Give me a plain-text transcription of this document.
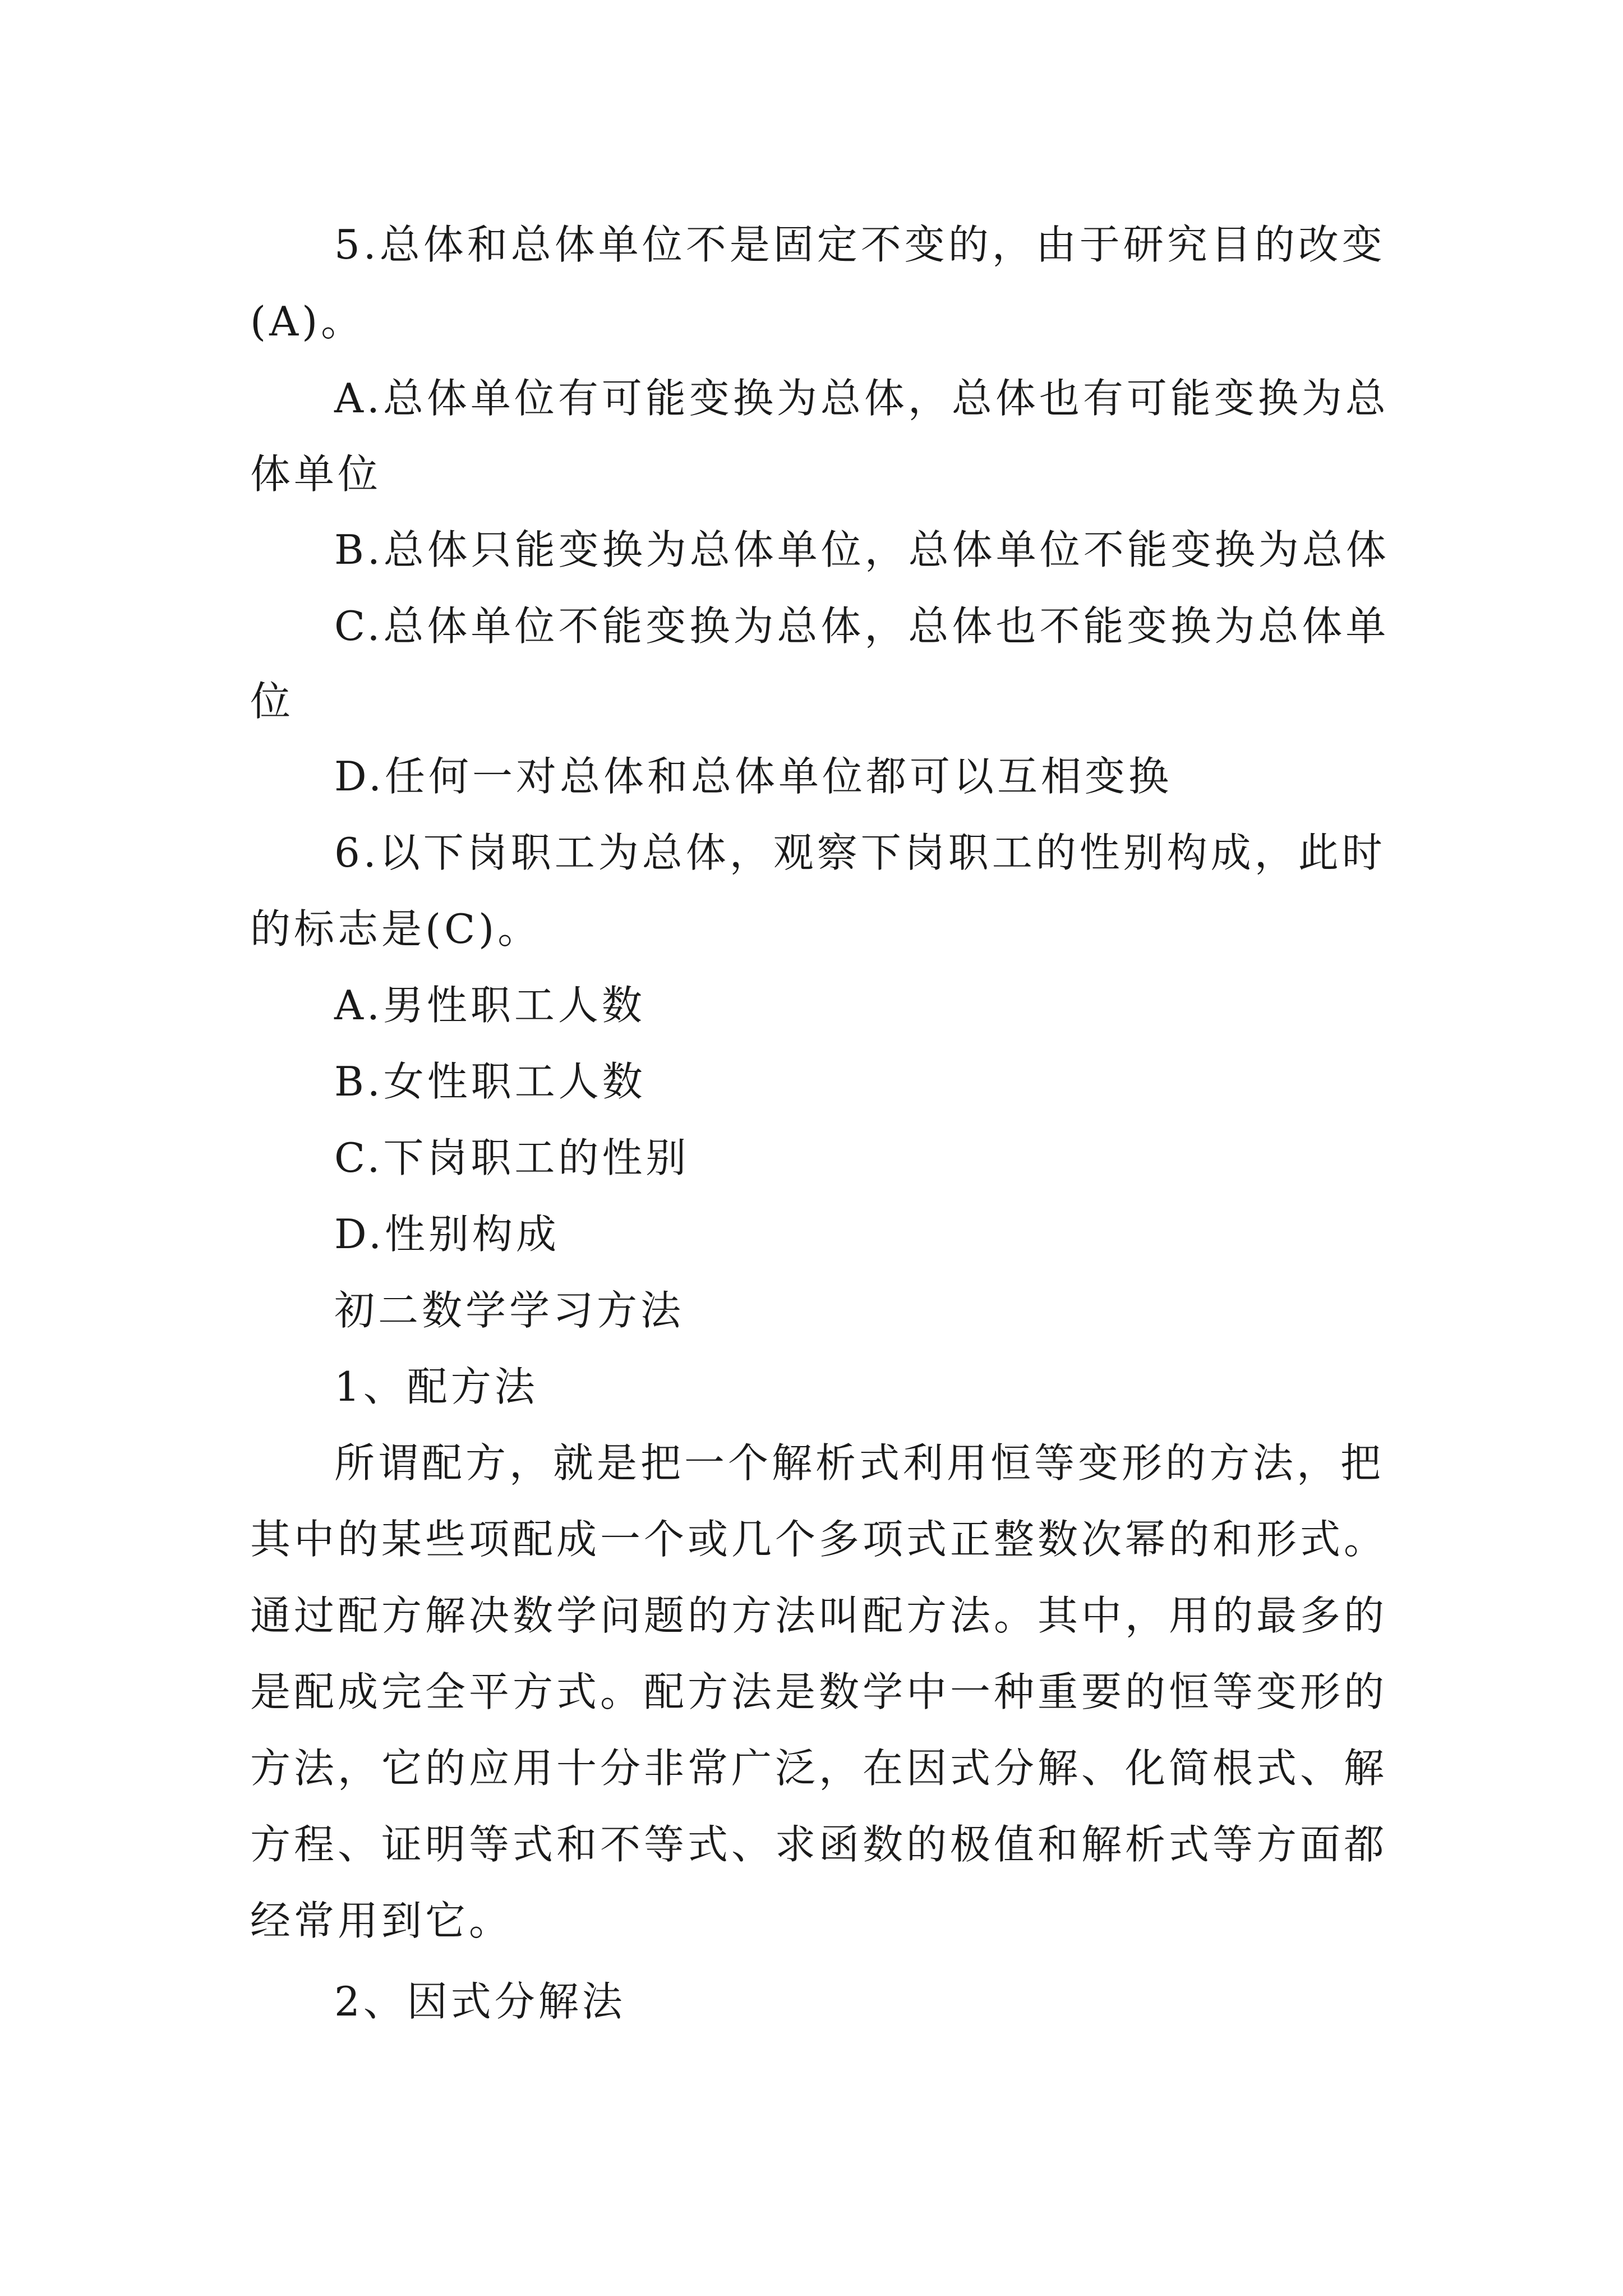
5.总体和总体单位不是固定不变的，由于研究目的改变
(A)。
A.总体单位有可能变换为总体，总体也有可能变换为总
体单位
B.总体只能变换为总体单位，总体单位不能变换为总体
C.总体单位不能变换为总体，总体也不能变换为总体单
位
D.任何一对总体和总体单位都可以互相变换
6.以下岗职工为总体，观察下岗职工的性别构成，此时
的标志是(C)。
A.男性职工人数
B.女性职工人数
C.下岗职工的性别
D.性别构成
初二数学学习方法
1、配方法
所谓配方，就是把一个解析式利用恒等变形的方法，把
其中的某些项配成一个或几个多项式正整数次幂的和形式。
通过配方解决数学问题的方法叫配方法。其中，用的最多的
是配成完全平方式。配方法是数学中一种重要的恒等变形的
方法，它的应用十分非常广泛，在因式分解、化简根式、解
方程、证明等式和不等式、求函数的极值和解析式等方面都
经常用到它。
2、因式分解法
